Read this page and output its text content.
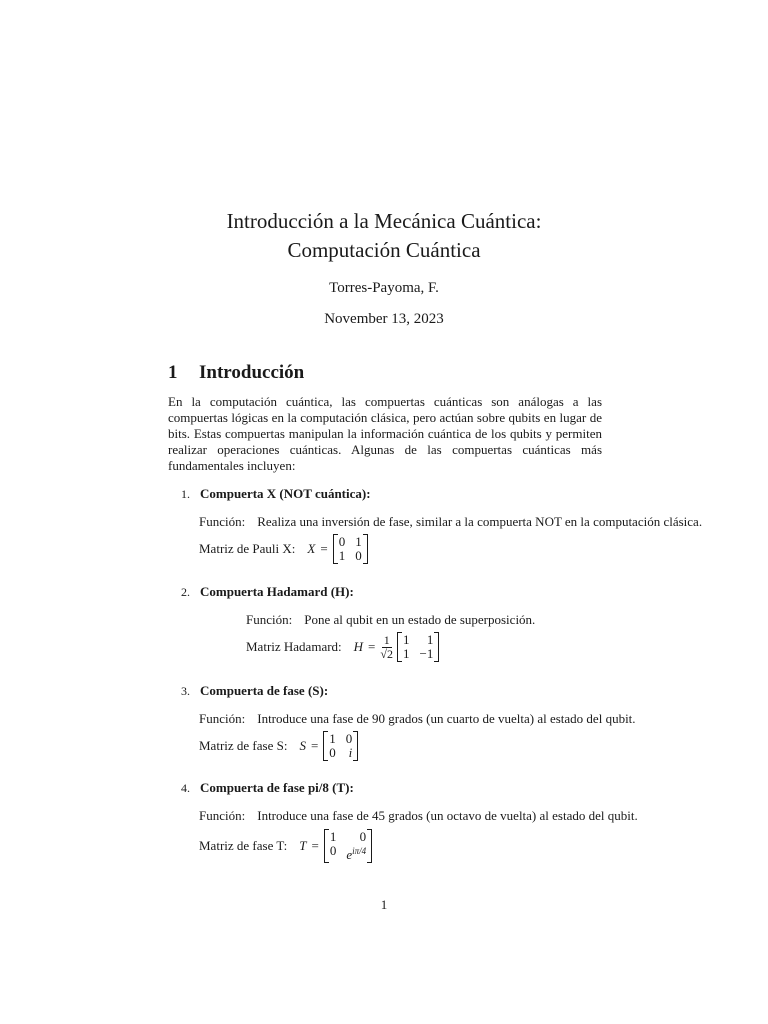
Introducción a la Mecánica Cuántica:
Computación Cuántica
Torres-Payoma, F.
November 13, 2023
1 Introducción
En la computación cuántica, las compuertas cuánticas son análogas a las compuertas lógicas en la computación clásica, pero actúan sobre qubits en lugar de bits. Estas compuertas manipulan la información cuántica de los qubits y permiten realizar operaciones cuánticas. Algunas de las compuertas cuánticas más fundamentales incluyen:
1. Compuerta X (NOT cuántica):
Función: Realiza una inversión de fase, similar a la compuerta NOT en la computación clásica.
Matriz de Pauli X: X = 0 1
1 0
2. Compuerta Hadamard (H):
Función: Pone al qubit en un estado de superposición.
Matriz Hadamard: $H = \frac{1}{√2} 1$	1
1 −1
3. Compuerta de fase (S):
Función: Introduce una fase de 90 grados (un cuarto de vuelta) al estado del qubit.
Matriz de fase S: S = 1 0
0 i
4. Compuerta de fase pi/8 (T):
Función: Introduce una fase de 45 grados (un octavo de vuelta) al estado del qubit.
Matriz de fase T: T =
1	0
0 $e^{i\pi/4}$
1
